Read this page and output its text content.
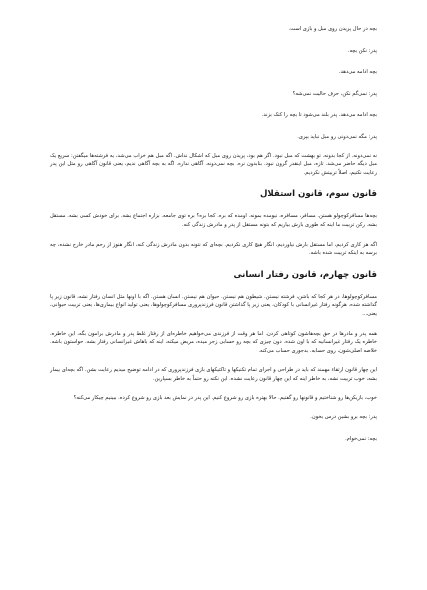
بچه در حال پریدن روی مبل و بازی است.

پدر: نکن بچه.

بچه ادامه می‌دهد.

پدر: نمی‌گم نکن، حرف حالیت نمی‌شه؟

بچه ادامه می‌دهد. پدر بلند می‌شود تا بچه را کتک بزند.

پدر: مگه نمی‌دونی رو مبل نباید بپری.

نه نمی‌دونه. از کجا بدونه. تو بهشت که مبل نبود. اگر هم بود، پریدن روی مبل که اشکال نداش. اگه مبل هم خراب می‌شد، یه فرشته‌ها میگفتن: سریع یک مبل دیگه حاضر می‌شد. تازه، مبل اینقدر گرون نبود. بنابدون نره. بچه نمی‌دونه. آگاهی نداره. اگه به بچه آگاهی ندیم، یعنی قانون آگاهی رو مثل این پدر رعایت نکنیم، اصلاً تربیتش نکردیم.

قانون سوم، قانون استقلال

بچه‌ها مسافرکوچولو هستن. مسافر، مسافره، نیومده بمونه. اومده که بره. کجا بره؟ بره توی جامعه. بزاره اجتماع بشه. برای خودش کسی بشه. مستقل بشه. رکن تربیت ما اینه که طوری بارش بیاریم که بتونه مستقل از پدر و مادرش زندگی کنه.

اگه هر کاری کردیم، اما مستقل بارش نیاوردیم، انگار هیچ کاری نکردیم. بچه‌ای که نتونه بدون مادرش زندگی کنه، انگار هنوز از رحم مادر خارج نشده، چه برسه به اینکه تربیت شده باشه.

قانون چهارم، قانون رفتار انسانی

مسافرکوچولوها، در هر کجا که باشن، فرشته نیستن. شیطون هم نیستن. حیوان هم نیستن. انسان هستن. اگه با اونها مثل انسان رفتار نشه، قانون زیر پا گذاشته شده. هرگونه رفتار غیرانسانی با کودکان، یعنی زیر پا گذاشتن قانون فرزندپروری مسافرکوچولوها، یعنی تولید انواع بیماری‌ها، یعنی تربیت حیوانی، یعنی...

همه پدر و مادرها در حق بچه‌هاشون کوتاهی کردن. اما هر وقت از فرزندی می‌خواهیم خاطره‌ای از رفتار غلط پدر و مادرش برامون بگه، این خاطره، خاطره یک رفتار غیرانسانیه که با اون شده. دون چیزی که بچه رو حسابی زجر میده، مریض میکنه، اینه که باهاش غیرانسانی رفتار بشه. حواستون باشه. خلاصه اصلی‌شون، روی حسابه. بدجوری حساب می‌کنه.

این چهار قانون ارتقاء مهمند که باید در طراحی و اجرای تمام تکنیکها و تاکتیکهای بازی فرزندپروری که در ادامه توضیح میدیم رعایت بشن. اگه بچه‌ای بیمار بشه، خوب تربیت نشه، به خاطر اینه که این چهار قانون رعایت نشده. این نکته رو حتماً به خاطر بسپارین.

خوب، بازیکن‌ها رو شناختیم و قانونها رو گفتیم. حالا بهتره بازی رو شروع کنیم. این پدر در نمایش بعد بازی رو شروع کرده. ببینیم چیکار می‌کنه؟

پدر: بچه برو بشین درس بخون.

بچه: نمی‌خوام.
